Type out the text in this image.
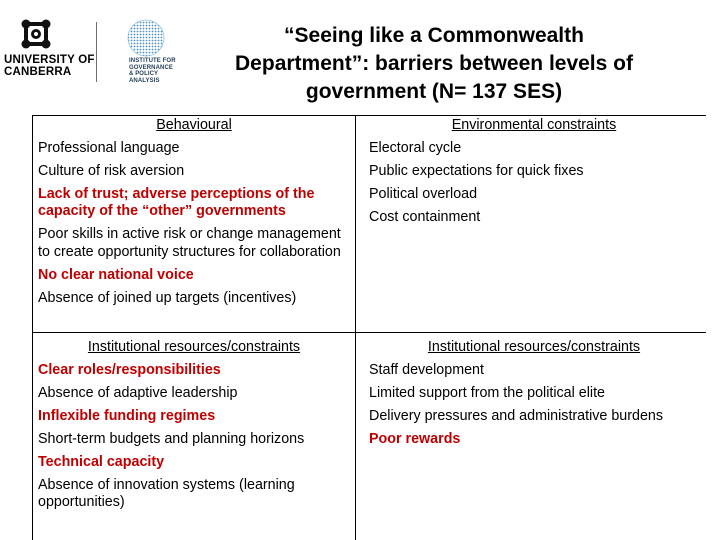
UNIVERSITY OF
CANBERRA
INSTITUTE FOR
GOVERNANCE
& POLICY ANALYSIS
“Seeing like a Commonwealth
Department”: barriers between levels of
government (N= 137 SES)
Behavioural
Professional language
Culture of risk aversion
Lack of trust; adverse perceptions of the capacity of the “other” governments
Poor skills in active risk or change management to create opportunity structures for collaboration
No clear national voice
Absence of joined up targets (incentives)
Environmental constraints
Electoral cycle
Public expectations for quick fixes
Political overload
Cost containment
Institutional resources/constraints
Clear roles/responsibilities
Absence of adaptive leadership
Inflexible funding regimes
Short-term budgets and planning horizons
Technical capacity
Absence of innovation systems (learning opportunities)
Institutional resources/constraints
Staff development
Limited support from the political elite
Delivery pressures and administrative burdens
Poor rewards
